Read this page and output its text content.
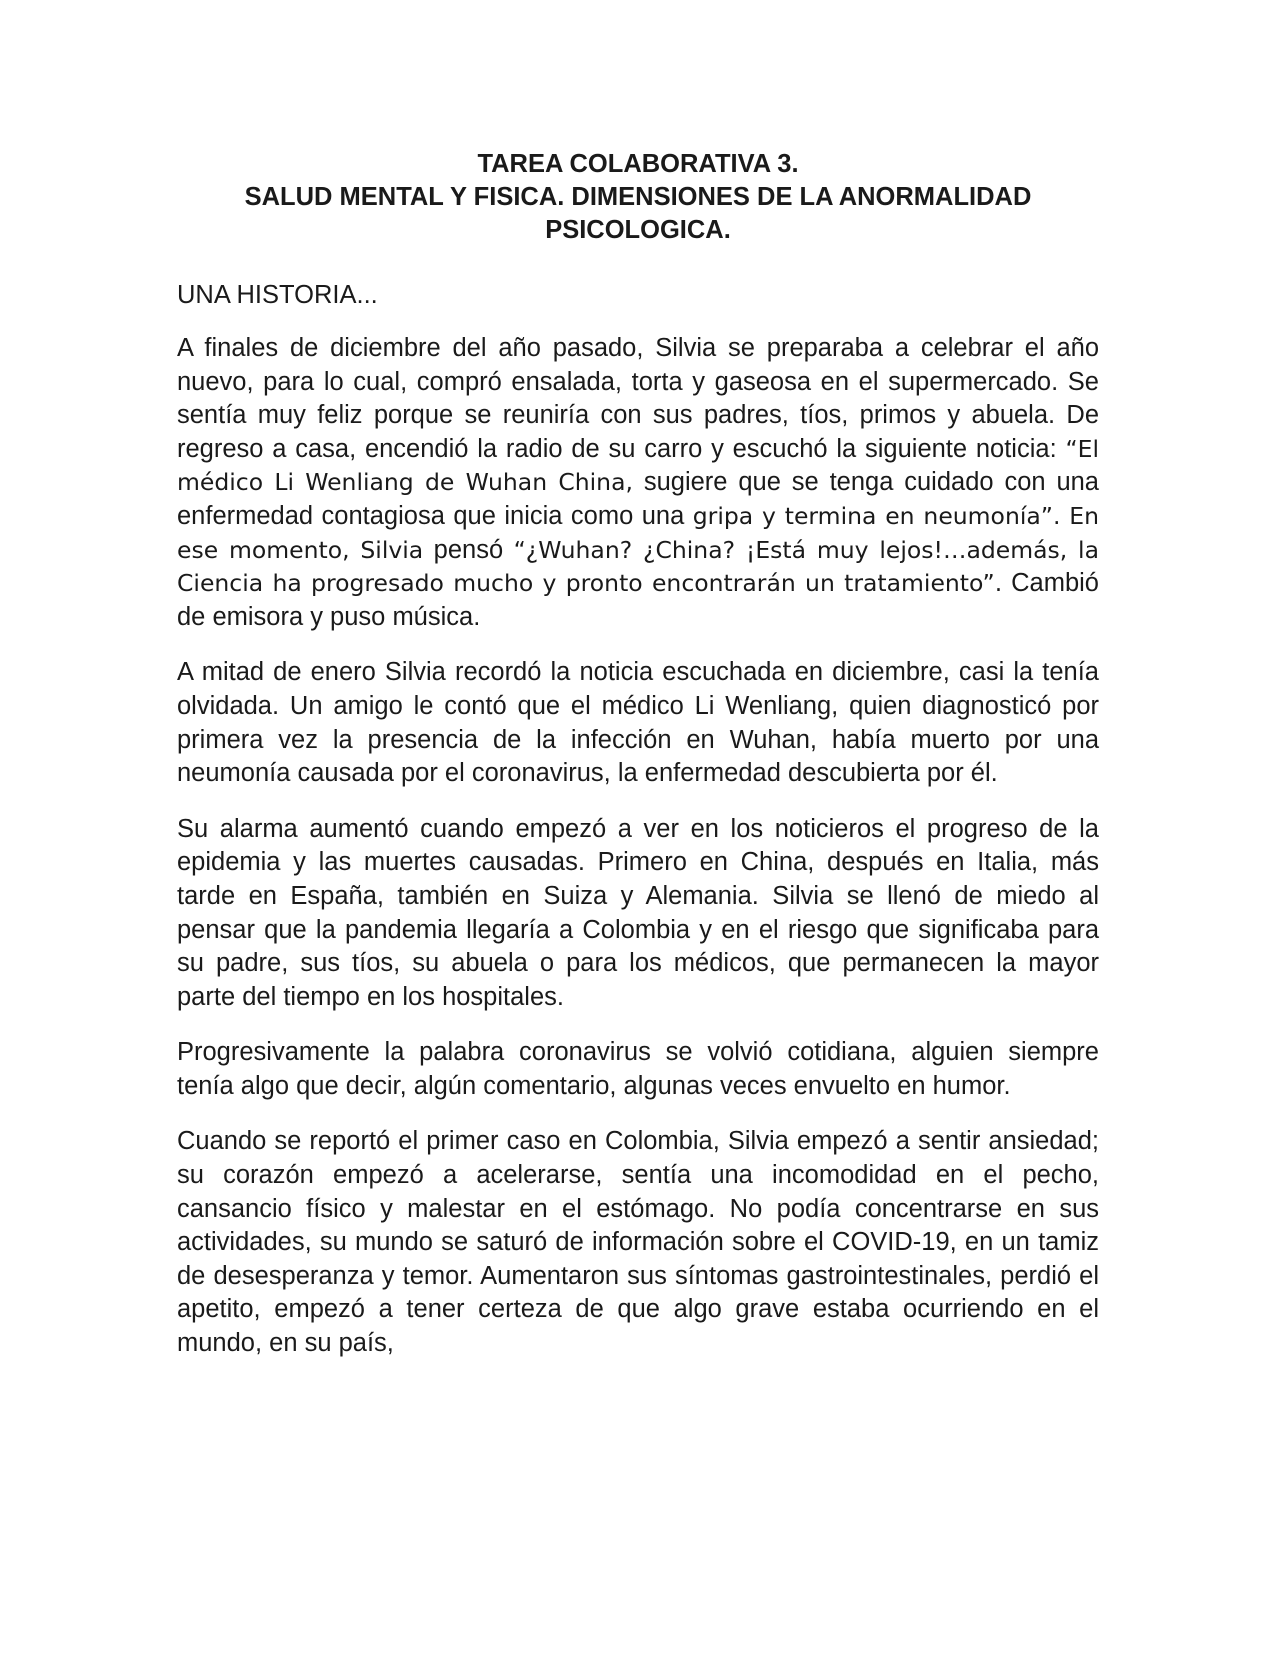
TAREA COLABORATIVA 3.
SALUD MENTAL Y FISICA. DIMENSIONES DE LA ANORMALIDAD
PSICOLOGICA.

UNA HISTORIA...

A finales de diciembre del año pasado, Silvia se preparaba a celebrar el año nuevo, para lo cual, compró ensalada, torta y gaseosa en el supermercado. Se sentía muy feliz porque se reuniría con sus padres, tíos, primos y abuela. De regreso a casa, encendió la radio de su carro y escuchó la siguiente noticia: “El médico Li Wenliang de Wuhan China, sugiere que se tenga cuidado con una enfermedad contagiosa que inicia como una gripa y termina en neumonía”. En ese momento, Silvia pensó “¿Wuhan? ¿China? ¡Está muy lejos!…además, la Ciencia ha progresado mucho y pronto encontrarán un tratamiento”. Cambió de emisora y puso música.

A mitad de enero Silvia recordó la noticia escuchada en diciembre, casi la tenía olvidada. Un amigo le contó que el médico Li Wenliang, quien diagnosticó por primera vez la presencia de la infección en Wuhan, había muerto por una neumonía causada por el coronavirus, la enfermedad descubierta por él.

Su alarma aumentó cuando empezó a ver en los noticieros el progreso de la epidemia y las muertes causadas. Primero en China, después en Italia, más tarde en España, también en Suiza y Alemania. Silvia se llenó de miedo al pensar que la pandemia llegaría a Colombia y en el riesgo que significaba para su padre, sus tíos, su abuela o para los médicos, que permanecen la mayor parte del tiempo en los hospitales.

Progresivamente la palabra coronavirus se volvió cotidiana, alguien siempre tenía algo que decir, algún comentario, algunas veces envuelto en humor.

Cuando se reportó el primer caso en Colombia, Silvia empezó a sentir ansiedad; su corazón empezó a acelerarse, sentía una incomodidad en el pecho, cansancio físico y malestar en el estómago. No podía concentrarse en sus actividades, su mundo se saturó de información sobre el COVID-19, en un tamiz de desesperanza y temor. Aumentaron sus síntomas gastrointestinales, perdió el apetito, empezó a tener certeza de que algo grave estaba ocurriendo en el mundo, en su país,
